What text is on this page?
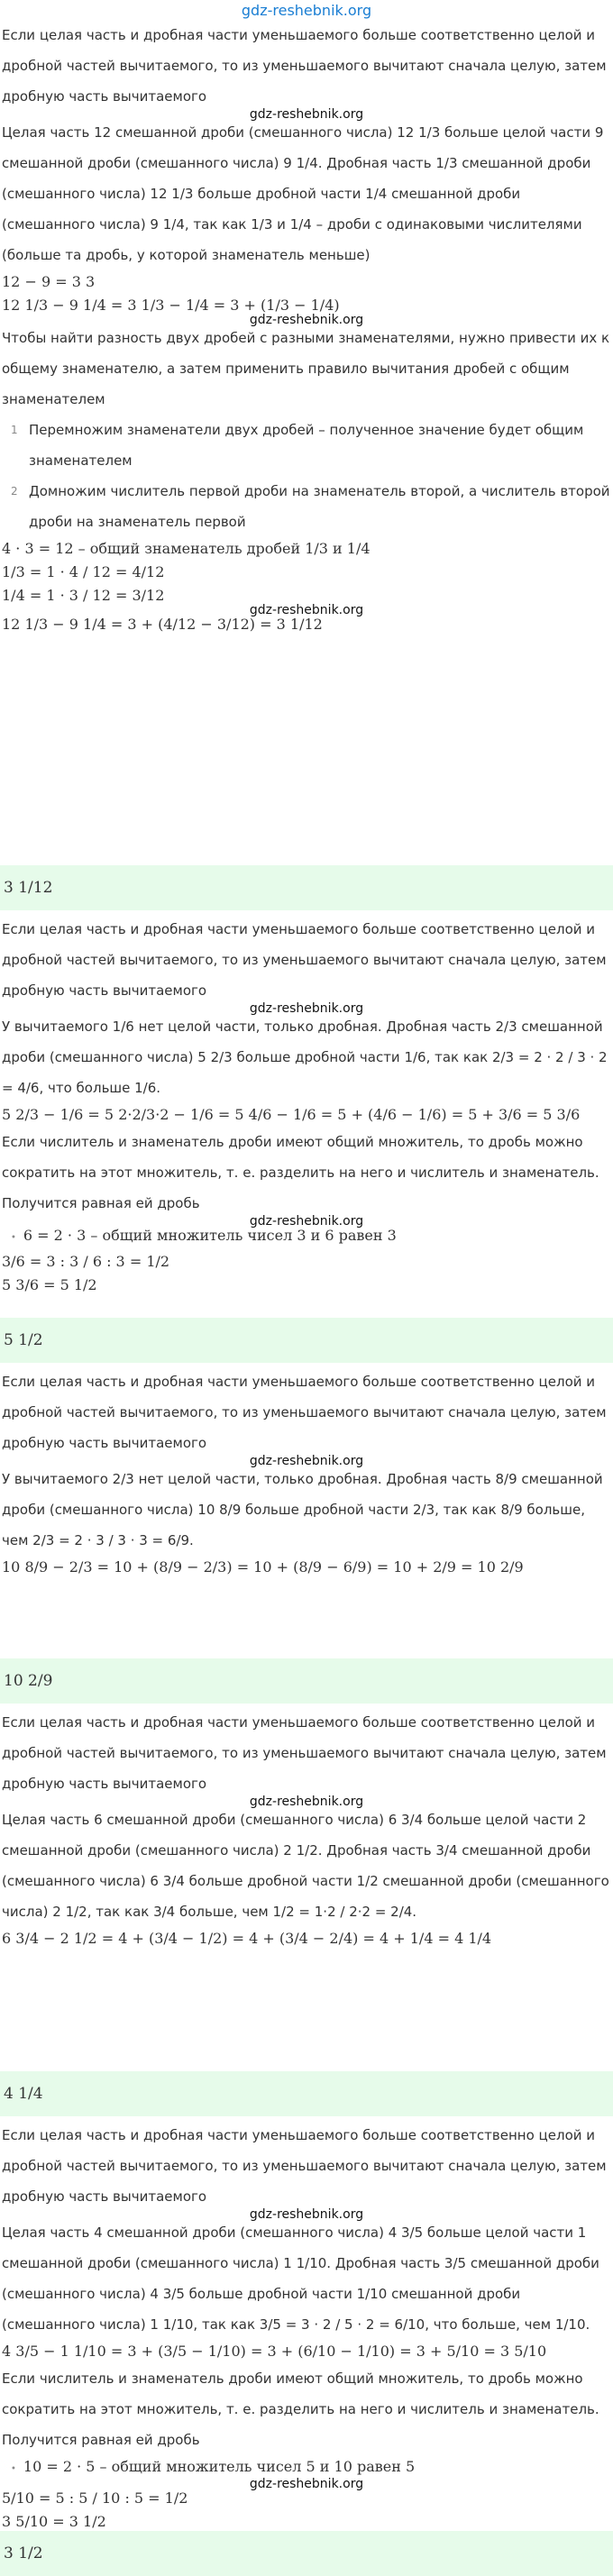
gdz-reshebnik.org

Если целая часть и дробная части уменьшаемого больше соответственно целой и дробной частей вычитаемого, то из уменьшаемого вычитают сначала целую, затем дробную часть вычитаемого

gdz-reshebnik.org

Целая часть 12 смешанной дроби (смешанного числа) 12 1/3 больше целой части 9 смешанной дроби (смешанного числа) 9 1/4. Дробная часть 1/3 смешанной дроби (смешанного числа) 12 1/3 больше дробной части 1/4 смешанной дроби (смешанного числа) 9 1/4, так как 1/3 и 1/4 – дроби с одинаковыми числителями (больше та дробь, у которой знаменатель меньше)

12 − 9 = 3 3

12 1/3 − 9 1/4 = 3 1/3 − 1/4 = 3 + (1/3 − 1/4)

gdz-reshebnik.org

Чтобы найти разность двух дробей с разными знаменателями, нужно привести их к общему знаменателю, а затем применить правило вычитания дробей с общим знаменателем

1 Перемножим знаменатели двух дробей – полученное значение будет общим знаменателем
2 Домножим числитель первой дроби на знаменатель второй, а числитель второй дроби на знаменатель первой

4 · 3 = 12 – общий знаменатель дробей 1/3 и 1/4

1/3 = 1 · 4 / 12 = 4/12

1/4 = 1 · 3 / 12 = 3/12

gdz-reshebnik.org

12 1/3 − 9 1/4 = 3 + (4/12 − 3/12) = 3 1/12

3 1/12

Если целая часть и дробная части уменьшаемого больше соответственно целой и дробной частей вычитаемого, то из уменьшаемого вычитают сначала целую, затем дробную часть вычитаемого

gdz-reshebnik.org

У вычитаемого 1/6 нет целой части, только дробная. Дробная часть 2/3 смешанной дроби (смешанного числа) 5 2/3 больше дробной части 1/6, так как 2/3 = 2 · 2 / 3 · 2 = 4/6, что больше 1/6.

5 2/3 − 1/6 = 5 2·2/3·2 − 1/6 = 5 4/6 − 1/6 = 5 + (4/6 − 1/6) = 5 + 3/6 = 5 3/6

Если числитель и знаменатель дроби имеют общий множитель, то дробь можно сократить на этот множитель, т. е. разделить на него и числитель и знаменатель. Получится равная ей дробь

gdz-reshebnik.org

• 6 = 2 · 3 – общий множитель чисел 3 и 6 равен 3

3/6 = 3 : 3 / 6 : 3 = 1/2

5 3/6 = 5 1/2

5 1/2

Если целая часть и дробная части уменьшаемого больше соответственно целой и дробной частей вычитаемого, то из уменьшаемого вычитают сначала целую, затем дробную часть вычитаемого

gdz-reshebnik.org

У вычитаемого 2/3 нет целой части, только дробная. Дробная часть 8/9 смешанной дроби (смешанного числа) 10 8/9 больше дробной части 2/3, так как 8/9 больше, чем 2/3 = 2 · 3 / 3 · 3 = 6/9.

10 8/9 − 2/3 = 10 + (8/9 − 2/3) = 10 + (8/9 − 6/9) = 10 + 2/9 = 10 2/9

10 2/9

Если целая часть и дробная части уменьшаемого больше соответственно целой и дробной частей вычитаемого, то из уменьшаемого вычитают сначала целую, затем дробную часть вычитаемого

gdz-reshebnik.org

Целая часть 6 смешанной дроби (смешанного числа) 6 3/4 больше целой части 2 смешанной дроби (смешанного числа) 2 1/2. Дробная часть 3/4 смешанной дроби (смешанного числа) 6 3/4 больше дробной части 1/2 смешанной дроби (смешанного числа) 2 1/2, так как 3/4 больше, чем 1/2 = 1·2 / 2·2 = 2/4.

6 3/4 − 2 1/2 = 4 + (3/4 − 1/2) = 4 + (3/4 − 2/4) = 4 + 1/4 = 4 1/4

4 1/4

Если целая часть и дробная части уменьшаемого больше соответственно целой и дробной частей вычитаемого, то из уменьшаемого вычитают сначала целую, затем дробную часть вычитаемого

gdz-reshebnik.org

Целая часть 4 смешанной дроби (смешанного числа) 4 3/5 больше целой части 1 смешанной дроби (смешанного числа) 1 1/10. Дробная часть 3/5 смешанной дроби (смешанного числа) 4 3/5 больше дробной части 1/10 смешанной дроби (смешанного числа) 1 1/10, так как 3/5 = 3 · 2 / 5 · 2 = 6/10, что больше, чем 1/10.

4 3/5 − 1 1/10 = 3 + (3/5 − 1/10) = 3 + (6/10 − 1/10) = 3 + 5/10 = 3 5/10

Если числитель и знаменатель дроби имеют общий множитель, то дробь можно сократить на этот множитель, т. е. разделить на него и числитель и знаменатель. Получится равная ей дробь

• 10 = 2 · 5 – общий множитель чисел 5 и 10 равен 5

gdz-reshebnik.org

5/10 = 5 : 5 / 10 : 5 = 1/2

3 5/10 = 3 1/2

3 1/2
